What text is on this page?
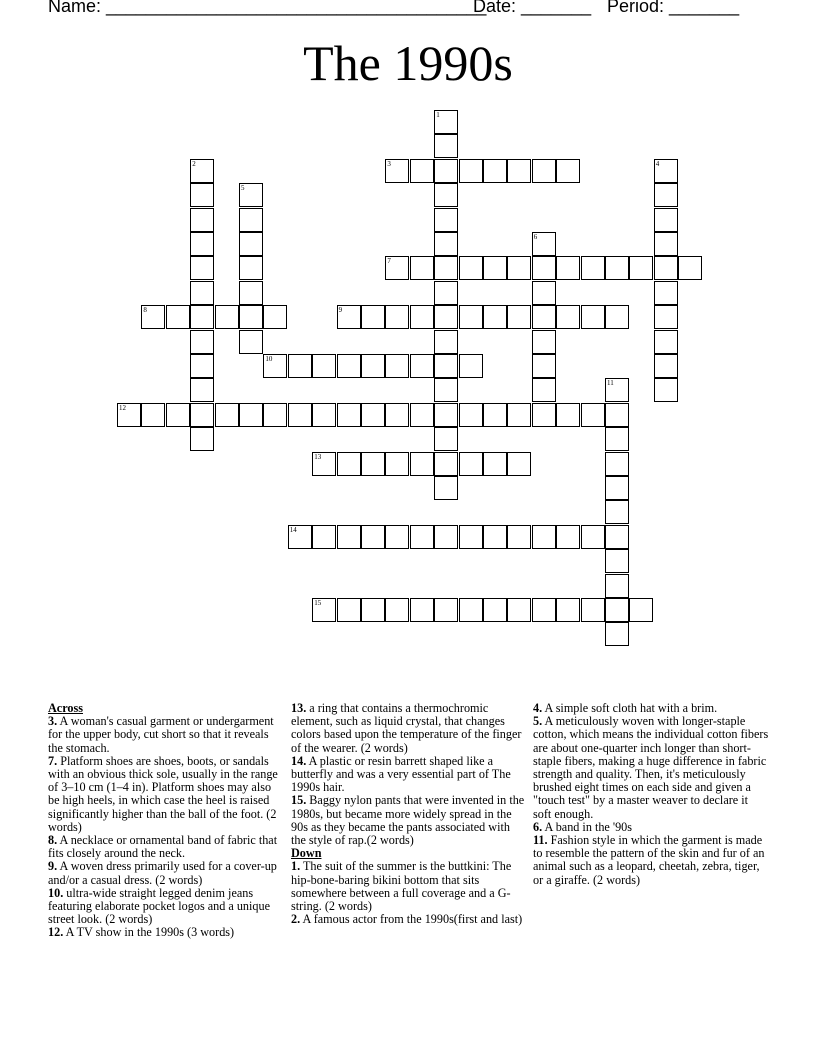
Name: ______________________________________
Date: _______ Period: _______
The 1990s
1
2	3	4
5
6
7
8	9
10
11
12
13
14
15
Across
3. A woman's casual garment or undergarment for the upper body, cut short so that it reveals the stomach.
7. Platform shoes are shoes, boots, or sandals with an obvious thick sole, usually in the range of 3–10 cm (1–4 in). Platform shoes may also be high heels, in which case the heel is raised significantly higher than the ball of the foot. (2 words)
8. A necklace or ornamental band of fabric that fits closely around the neck.
9. A woven dress primarily used for a cover-up and/or a casual dress. (2 words)
10. ultra-wide straight legged denim jeans featuring elaborate pocket logos and a unique street look. (2 words)
12. A TV show in the 1990s (3 words)
13. a ring that contains a thermochromic element, such as liquid crystal, that changes colors based upon the temperature of the finger of the wearer. (2 words)
14. A plastic or resin barrett shaped like a butterfly and was a very essential part of The 1990s hair.
15. Baggy nylon pants that were invented in the 1980s, but became more widely spread in the 90s as they became the pants associated with the style of rap.(2 words)
Down
1. The suit of the summer is the buttkini: The hip-bone-baring bikini bottom that sits somewhere between a full coverage and a G-string. (2 words)
2. A famous actor from the 1990s(first and last)
4. A simple soft cloth hat with a brim.
5. A meticulously woven with longer-staple cotton, which means the individual cotton fibers are about one-quarter inch longer than short-staple fibers, making a huge difference in fabric strength and quality. Then, it's meticulously brushed eight times on each side and given a "touch test" by a master weaver to declare it soft enough.
6. A band in the '90s
11. Fashion style in which the garment is made to resemble the pattern of the skin and fur of an animal such as a leopard, cheetah, zebra, tiger, or a giraffe. (2 words)
